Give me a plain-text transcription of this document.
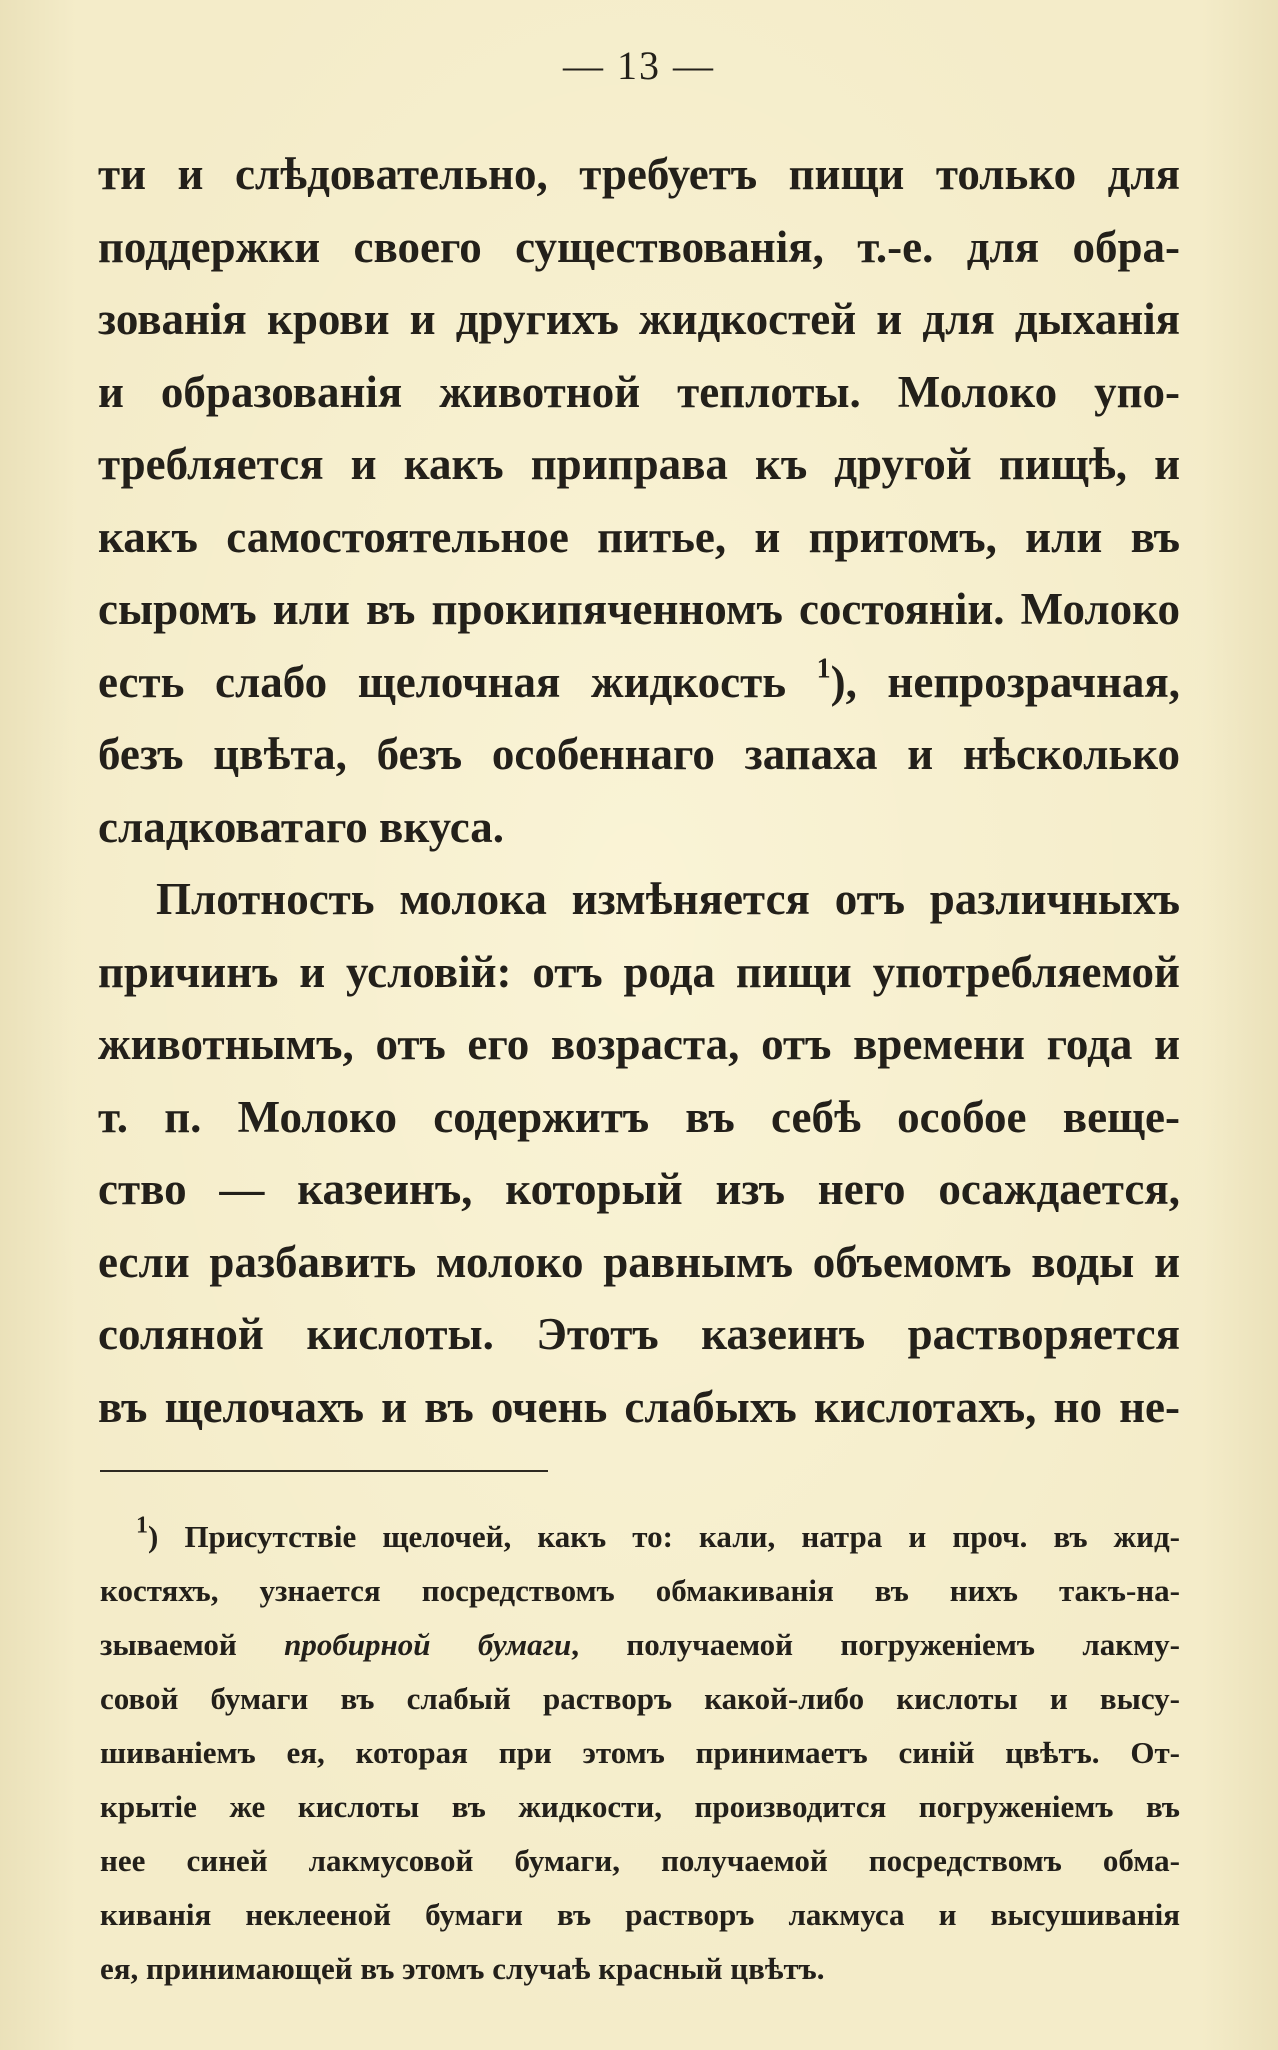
— 13 —
ти и слѣдовательно, требуетъ пищи только для
поддержки своего существованія, т.-е. для обра-
зованія крови и другихъ жидкостей и для дыханія
и образованія животной теплоты. Молоко упо-
требляется и какъ приправа къ другой пищѣ, и
какъ самостоятельное питье, и притомъ, или въ
сыромъ или въ прокипяченномъ состояніи. Молоко
есть слабо щелочная жидкость $^1$), непрозрачная,
безъ цвѣта, безъ особеннаго запаха и нѣсколько
сладковатаго вкуса.
Плотность молока измѣняется отъ различныхъ
причинъ и условій: отъ рода пищи употребляемой
животнымъ, отъ его возраста, отъ времени года и
т. п. Молоко содержитъ въ себѣ особое веще-
ство — казеинъ, который изъ него осаждается,
если разбавить молоко равнымъ объемомъ воды и
соляной кислоты. Этотъ казеинъ растворяется
въ щелочахъ и въ очень слабыхъ кислотахъ, но не-
$^1$) Присутствіе щелочей, какъ то: кали, натра и проч. въ жид-
костяхъ, узнается посредствомъ обмакиванія въ нихъ такъ-на-
зываемой пробирной бумаги, получаемой погруженіемъ лакму-
совой бумаги въ слабый растворъ какой-либо кислоты и высу-
шиваніемъ ея, которая при этомъ принимаетъ синій цвѣтъ. От-
крытіе же кислоты въ жидкости, производится погруженіемъ въ
нее синей лакмусовой бумаги, получаемой посредствомъ обма-
киванія неклееной бумаги въ растворъ лакмуса и высушиванія
ея, принимающей въ этомъ случаѣ красный цвѣтъ.
